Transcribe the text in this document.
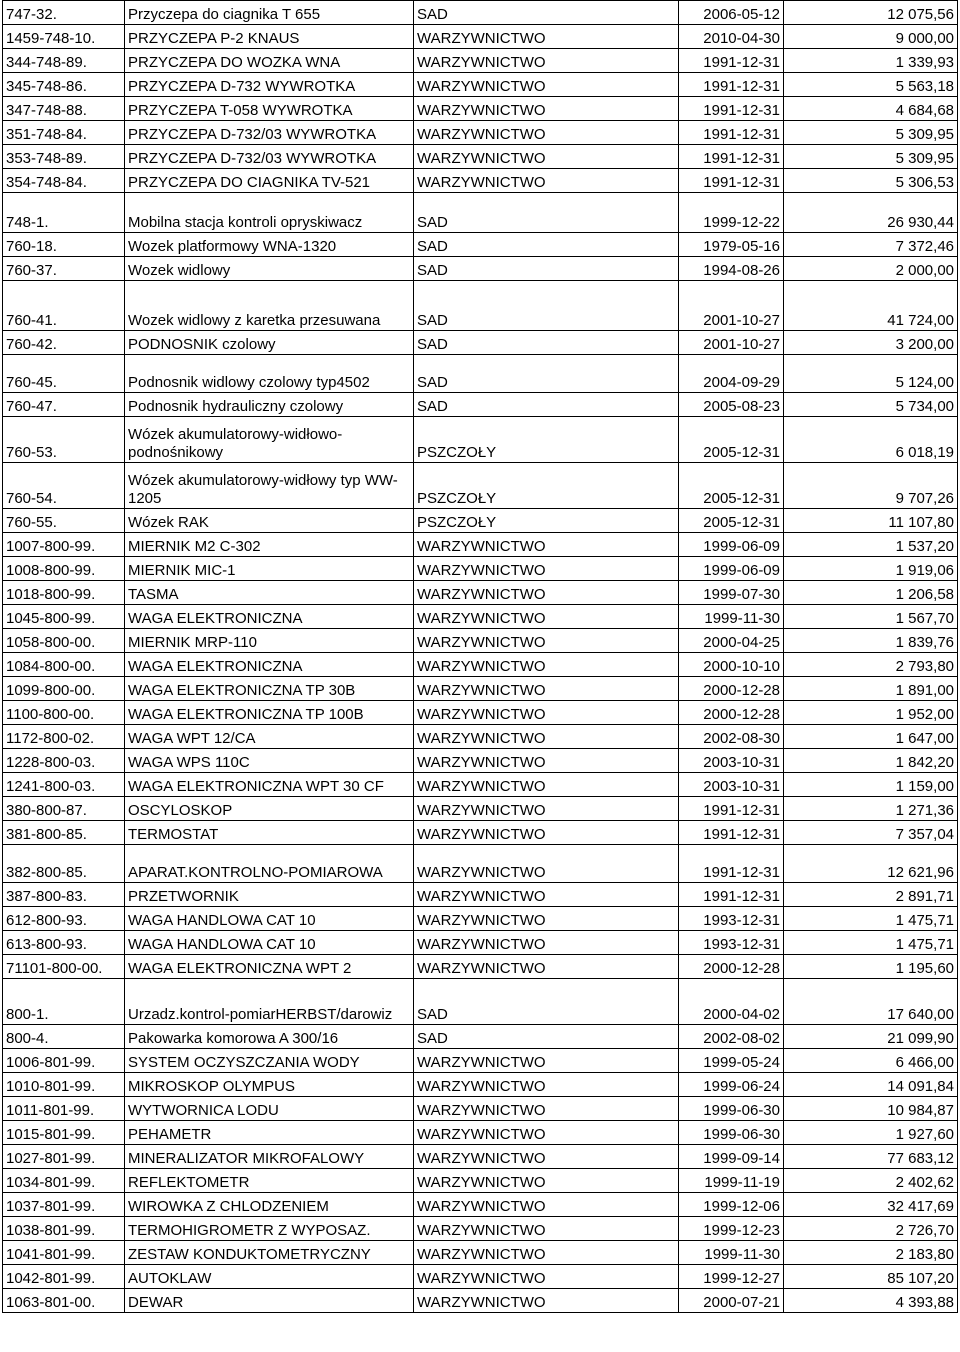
747-32.	Przyczepa do ciagnika T 655	SAD	2006-05-12	12 075,56
1459-748-10.	PRZYCZEPA P-2 KNAUS	WARZYWNICTWO	2010-04-30	9 000,00
344-748-89.	PRZYCZEPA DO WOZKA WNA	WARZYWNICTWO	1991-12-31	1 339,93
345-748-86.	PRZYCZEPA D-732 WYWROTKA	WARZYWNICTWO	1991-12-31	5 563,18
347-748-88.	PRZYCZEPA T-058 WYWROTKA	WARZYWNICTWO	1991-12-31	4 684,68
351-748-84.	PRZYCZEPA D-732/03 WYWROTKA	WARZYWNICTWO	1991-12-31	5 309,95
353-748-89.	PRZYCZEPA D-732/03 WYWROTKA	WARZYWNICTWO	1991-12-31	5 309,95
354-748-84.	PRZYCZEPA DO CIAGNIKA TV-521	WARZYWNICTWO	1991-12-31	5 306,53
748-1.	Mobilna stacja kontroli opryskiwacz	SAD	1999-12-22	26 930,44
760-18.	Wozek platformowy WNA-1320	SAD	1979-05-16	7 372,46
760-37.	Wozek widlowy	SAD	1994-08-26	2 000,00
760-41.	Wozek widlowy z karetka przesuwana	SAD	2001-10-27	41 724,00
760-42.	PODNOSNIK czolowy	SAD	2001-10-27	3 200,00
760-45.	Podnosnik widlowy czolowy typ4502	SAD	2004-09-29	5 124,00
760-47.	Podnosnik hydrauliczny czolowy	SAD	2005-08-23	5 734,00
760-53.	Wózek akumulatorowy-widłowo-podnośnikowy	PSZCZOŁY	2005-12-31	6 018,19
760-54.	Wózek akumulatorowy-widłowy typ WW-1205	PSZCZOŁY	2005-12-31	9 707,26
760-55.	Wózek RAK	PSZCZOŁY	2005-12-31	11 107,80
1007-800-99.	MIERNIK M2 C-302	WARZYWNICTWO	1999-06-09	1 537,20
1008-800-99.	MIERNIK MIC-1	WARZYWNICTWO	1999-06-09	1 919,06
1018-800-99.	TASMA	WARZYWNICTWO	1999-07-30	1 206,58
1045-800-99.	WAGA ELEKTRONICZNA	WARZYWNICTWO	1999-11-30	1 567,70
1058-800-00.	MIERNIK MRP-110	WARZYWNICTWO	2000-04-25	1 839,76
1084-800-00.	WAGA ELEKTRONICZNA	WARZYWNICTWO	2000-10-10	2 793,80
1099-800-00.	WAGA ELEKTRONICZNA TP 30B	WARZYWNICTWO	2000-12-28	1 891,00
1100-800-00.	WAGA ELEKTRONICZNA TP 100B	WARZYWNICTWO	2000-12-28	1 952,00
1172-800-02.	WAGA WPT 12/CA	WARZYWNICTWO	2002-08-30	1 647,00
1228-800-03.	WAGA WPS 110C	WARZYWNICTWO	2003-10-31	1 842,20
1241-800-03.	WAGA ELEKTRONICZNA WPT 30 CF	WARZYWNICTWO	2003-10-31	1 159,00
380-800-87.	OSCYLOSKOP	WARZYWNICTWO	1991-12-31	1 271,36
381-800-85.	TERMOSTAT	WARZYWNICTWO	1991-12-31	7 357,04
382-800-85.	APARAT.KONTROLNO-POMIAROWA	WARZYWNICTWO	1991-12-31	12 621,96
387-800-83.	PRZETWORNIK	WARZYWNICTWO	1991-12-31	2 891,71
612-800-93.	WAGA HANDLOWA CAT 10	WARZYWNICTWO	1993-12-31	1 475,71
613-800-93.	WAGA HANDLOWA CAT 10	WARZYWNICTWO	1993-12-31	1 475,71
71101-800-00.	WAGA ELEKTRONICZNA WPT 2	WARZYWNICTWO	2000-12-28	1 195,60
800-1.	Urzadz.kontrol-pomiarHERBST/darowiz	SAD	2000-04-02	17 640,00
800-4.	Pakowarka komorowa A 300/16	SAD	2002-08-02	21 099,90
1006-801-99.	SYSTEM OCZYSZCZANIA WODY	WARZYWNICTWO	1999-05-24	6 466,00
1010-801-99.	MIKROSKOP OLYMPUS	WARZYWNICTWO	1999-06-24	14 091,84
1011-801-99.	WYTWORNICA LODU	WARZYWNICTWO	1999-06-30	10 984,87
1015-801-99.	PEHAMETR	WARZYWNICTWO	1999-06-30	1 927,60
1027-801-99.	MINERALIZATOR MIKROFALOWY	WARZYWNICTWO	1999-09-14	77 683,12
1034-801-99.	REFLEKTOMETR	WARZYWNICTWO	1999-11-19	2 402,62
1037-801-99.	WIROWKA Z CHLODZENIEM	WARZYWNICTWO	1999-12-06	32 417,69
1038-801-99.	TERMOHIGROMETR Z WYPOSAZ.	WARZYWNICTWO	1999-12-23	2 726,70
1041-801-99.	ZESTAW KONDUKTOMETRYCZNY	WARZYWNICTWO	1999-11-30	2 183,80
1042-801-99.	AUTOKLAW	WARZYWNICTWO	1999-12-27	85 107,20
1063-801-00.	DEWAR	WARZYWNICTWO	2000-07-21	4 393,88
